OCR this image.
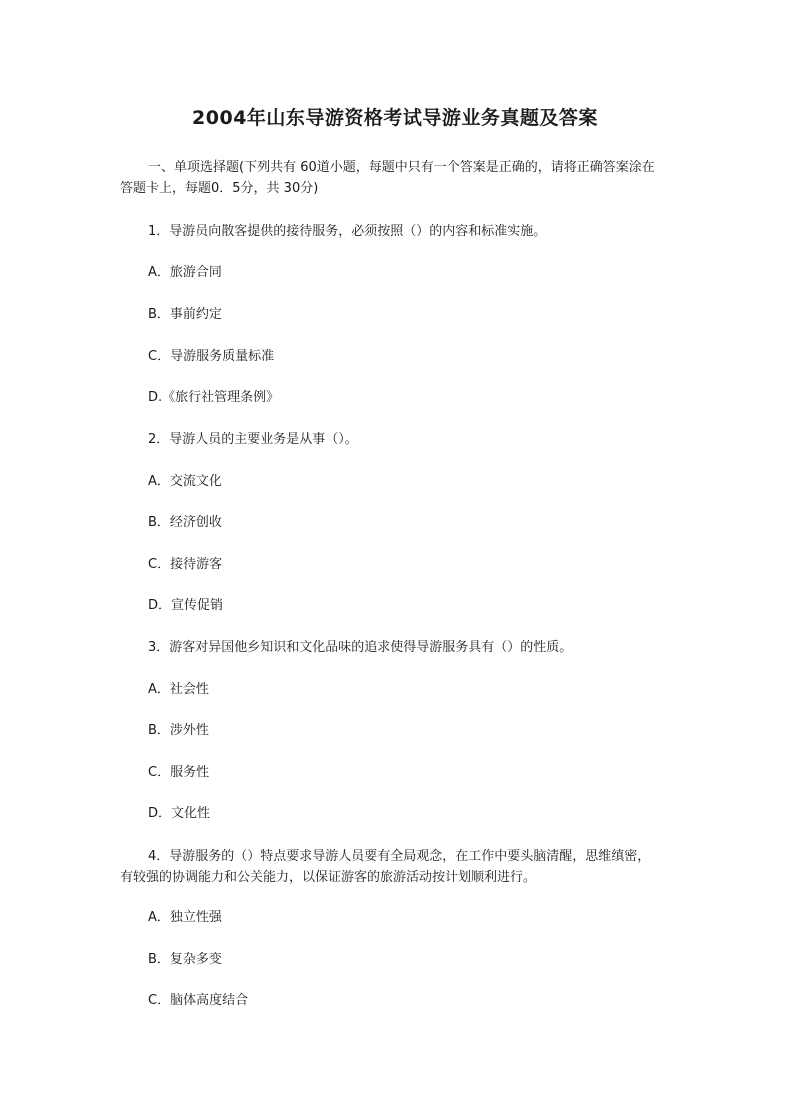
2004年山东导游资格考试导游业务真题及答案

一、单项选择题(下列共有 60道小题，每题中只有一个答案是正确的，请将正确答案涂在答题卡上，每题0．5分，共 30分)

1．导游员向散客提供的接待服务，必须按照（）的内容和标准实施。

A．旅游合同

B．事前约定

C．导游服务质量标准

D.《旅行社管理条例》

2．导游人员的主要业务是从事（）。

A．交流文化

B．经济创收

C．接待游客

D．宣传促销

3．游客对异国他乡知识和文化品味的追求使得导游服务具有（）的性质。

A．社会性

B．涉外性

C．服务性

D．文化性

4．导游服务的（）特点要求导游人员要有全局观念，在工作中要头脑清醒，思维缜密，有较强的协调能力和公关能力，以保证游客的旅游活动按计划顺利进行。

A．独立性强

B．复杂多变

C．脑体高度结合
